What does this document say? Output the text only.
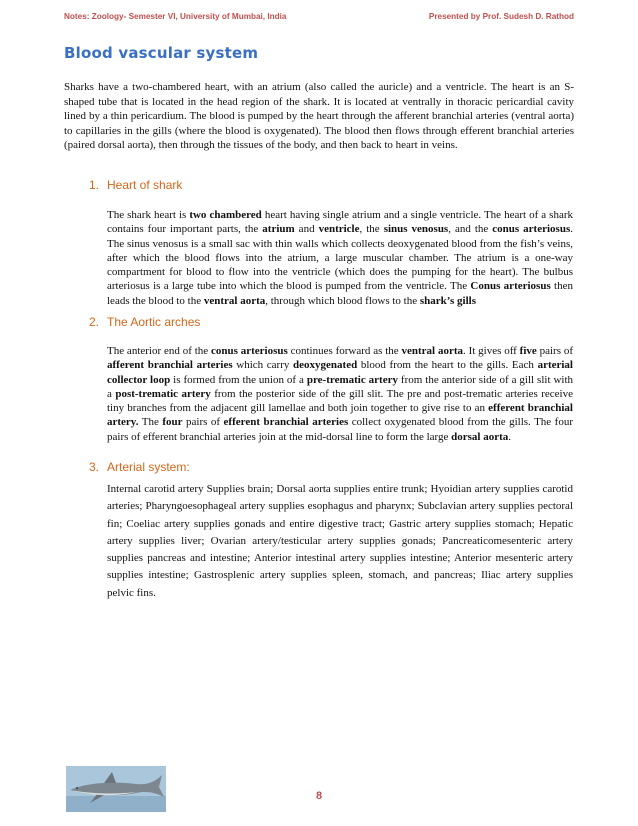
Notes: Zoology- Semester VI, University of Mumbai, India	Presented by Prof. Sudesh D. Rathod
Blood vascular system

Sharks have a two-chambered heart, with an atrium (also called the auricle) and a ventricle. The heart is an S-shaped tube that is located in the head region of the shark. It is located at ventrally in thoracic pericardial cavity lined by a thin pericardium. The blood is pumped by the heart through the afferent branchial arteries (ventral aorta) to capillaries in the gills (where the blood is oxygenated). The blood then flows through efferent branchial arteries (paired dorsal aorta), then through the tissues of the body, and then back to heart in veins.

1. Heart of shark

The shark heart is two chambered heart having single atrium and a single ventricle. The heart of a shark contains four important parts, the atrium and ventricle, the sinus venosus, and the conus arteriosus. The sinus venosus is a small sac with thin walls which collects deoxygenated blood from the fish’s veins, after which the blood flows into the atrium, a large muscular chamber. The atrium is a one-way compartment for blood to flow into the ventricle (which does the pumping for the heart). The bulbus arteriosus is a large tube into which the blood is pumped from the ventricle. The Conus arteriosus then leads the blood to the ventral aorta, through which blood flows to the shark’s gills

2. The Aortic arches

The anterior end of the conus arteriosus continues forward as the ventral aorta. It gives off five pairs of afferent branchial arteries which carry deoxygenated blood from the heart to the gills. Each arterial collector loop is formed from the union of a pre-trematic artery from the anterior side of a gill slit with a post-trematic artery from the posterior side of the gill slit. The pre and post-trematic arteries receive tiny branches from the adjacent gill lamellae and both join together to give rise to an efferent branchial artery. The four pairs of efferent branchial arteries collect oxygenated blood from the gills. The four pairs of efferent branchial arteries join at the mid-dorsal line to form the large dorsal aorta.

3. Arterial system:

Internal carotid artery Supplies brain; Dorsal aorta supplies entire trunk; Hyoidian artery supplies carotid arteries; Pharyngoesophageal artery supplies esophagus and pharynx; Subclavian artery supplies pectoral fin; Coeliac artery supplies gonads and entire digestive tract; Gastric artery supplies stomach; Hepatic artery supplies liver; Ovarian artery/testicular artery supplies gonads; Pancreaticomesenteric artery supplies pancreas and intestine; Anterior intestinal artery supplies intestine; Anterior mesenteric artery supplies intestine; Gastrosplenic artery supplies spleen, stomach, and pancreas; Iliac artery supplies pelvic fins.

8
